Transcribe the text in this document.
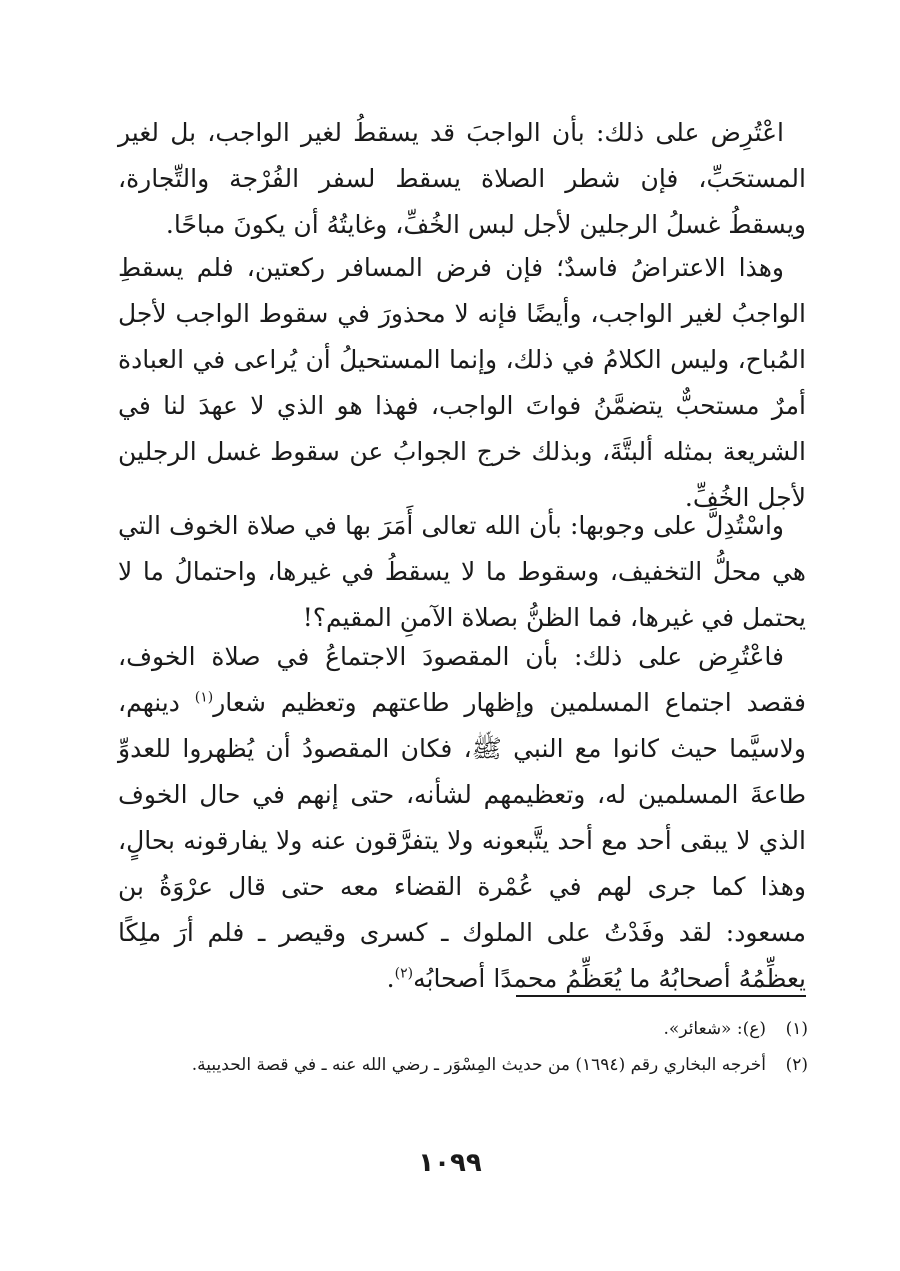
اعْتُرِض على ذلك: بأن الواجبَ قد يسقطُ لغير الواجب، بل لغير المستحَبِّ، فإن شطر الصلاة يسقط لسفر الفُرْجة والتِّجارة، ويسقطُ غسلُ الرجلين لأجل لبس الخُفِّ، وغايتُهُ أن يكونَ مباحًا.

وهذا الاعتراضُ فاسدٌ؛ فإن فرض المسافر ركعتين، فلم يسقطِ الواجبُ لغير الواجب، وأيضًا فإنه لا محذورَ في سقوط الواجب لأجل المُباح، وليس الكلامُ في ذلك، وإنما المستحيلُ أن يُراعى في العبادة أمرٌ مستحبٌّ يتضمَّنُ فواتَ الواجب، فهذا هو الذي لا عهدَ لنا في الشريعة بمثله ألبتَّةَ، وبذلك خرج الجوابُ عن سقوط غسل الرجلين لأجل الخُفِّ.

واسْتُدِلَّ على وجوبها: بأن الله تعالى أَمَرَ بها في صلاة الخوف التي هي محلُّ التخفيف، وسقوط ما لا يسقطُ في غيرها، واحتمالُ ما لا يحتمل في غيرها، فما الظنُّ بصلاة الآمنِ المقيم؟!

فاعْتُرِض على ذلك: بأن المقصودَ الاجتماعُ في صلاة الخوف، فقصد اجتماع المسلمين وإظهار طاعتهم وتعظيم شعار$^{(١)}$ دينهم، ولاسيَّما حيث كانوا مع النبي ﷺ، فكان المقصودُ أن يُظهروا للعدوِّ طاعةَ المسلمين له، وتعظيمهم لشأنه، حتى إنهم في حال الخوف الذي لا يبقى أحد مع أحد يتَّبعونه ولا يتفرَّقون عنه ولا يفارقونه بحالٍ، وهذا كما جرى لهم في عُمْرة القضاء معه حتى قال عرْوَةُ بن مسعود: لقد وفَدْتُ على الملوك ـ كسرى وقيصر ـ فلم أرَ ملِكًا يعظِّمُهُ أصحابُهُ ما يُعَظِّمُ محمدًا أصحابُه$^{(٢)}$.

(١)(ع): «شعائر».

(٢)أخرجه البخاري رقم (١٦٩٤) من حديث المِسْوَر ـ رضي الله عنه ـ في قصة الحديبية.

١٠٩٩
